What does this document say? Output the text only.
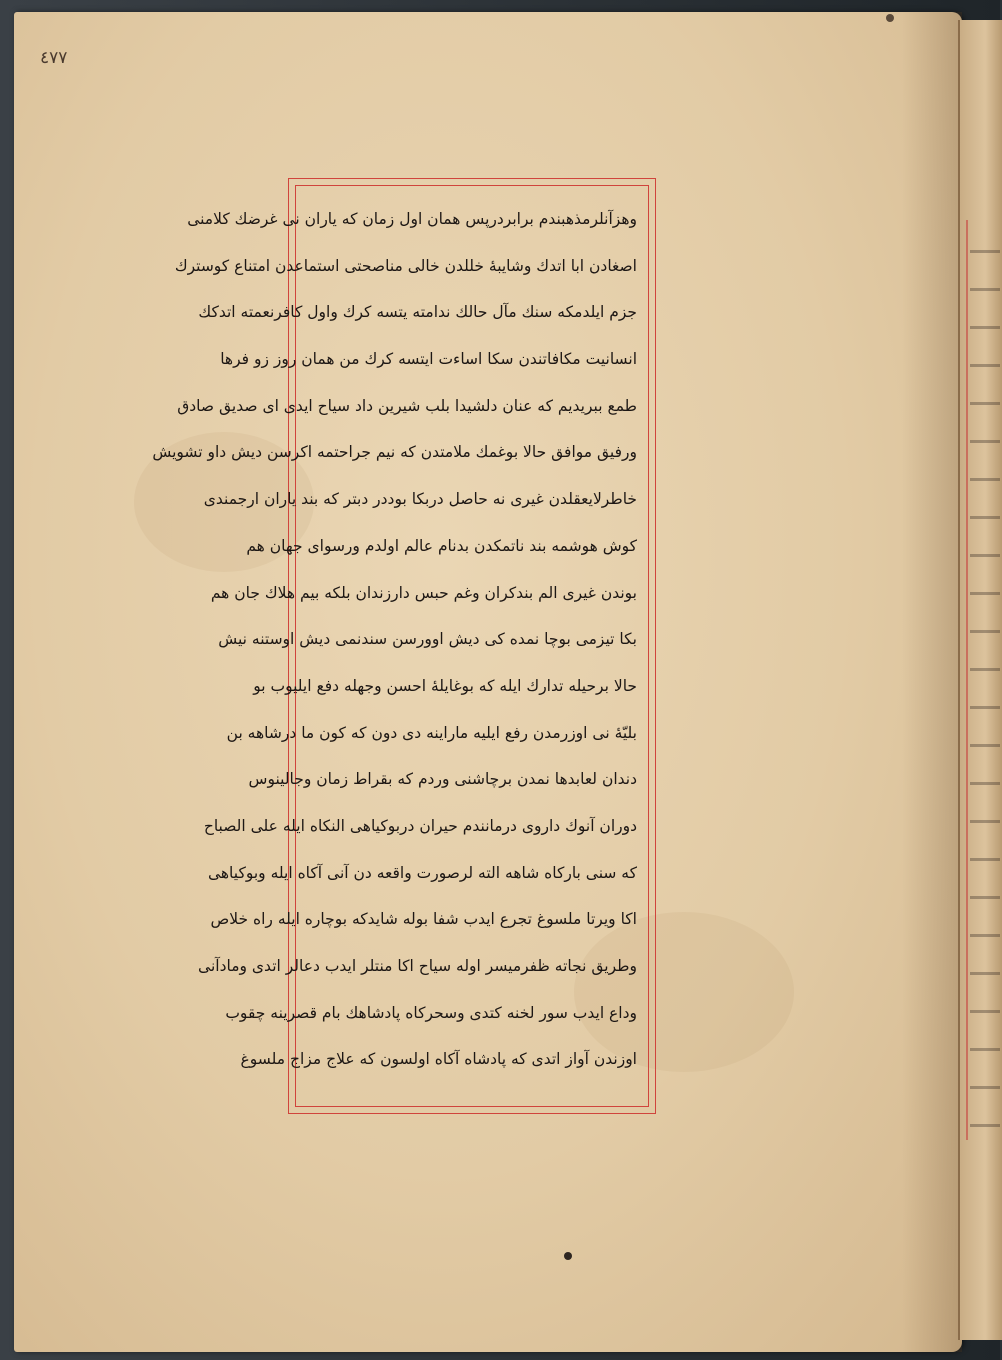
٤٧٧
وهزآنلرمذهبندم برابردرپس همان اول زمان که یاران نی غرضك كلامنی
اصغادن ابا اتدك وشایبهٔ خللدن خالی مناصحتی استماعدن امتناع کوسترك
جزم ایلدمکه سنك مآل حالك ندامته یتسه کرك واول کافرنعمته اتدکك
انسانیت مکافاتندن سکا اساءت ایتسه کرك من همان روز زو فرها
طمع ببریدیم که عنان دلشیدا بلب شیرین داد سیاح ایدی ای صدیق صادق
ورفیق موافق حالا بوغمك ملامتدن که نیم جراحتمه اکرسن دیش داو تشویش
خاطرلایعقلدن غیری نه حاصل دربکا بوددر دبتر که بند یاران ارجمندی
کوش هوشمه بند ناتمکدن بدنام عالم اولدم ورسوای جهان هم
بوندن غیری الم بندکران وغم حبس دارزندان بلکه بیم هلاك جان هم
بکا تیزمی بوچا نمده کی دیش اوورسن سندنمی دیش اوستنه نیش
حالا برحیله تدارك ایله که بوغایلهٔ احسن وجهله دفع ایلیوب بو
بلیّهٔ نی اوزرمدن رفع ایلیه ماراینه دی دون که کون ما درشاهه بن
دندان لعابدها نمدن برچاشنی وردم که بقراط زمان وجالینوس
دوران آنوك داروی درمانندم حیران دربوکیاهی النکاه ایله علی الصباح
که سنی بارکاه شاهه الته لرصورت واقعه دن آنی آکاه ایله وبوکیاهی
اکا ویرتا ملسوغ تجرع ایدب شفا بوله شایدکه بوچاره ایله راه خلاص
وطریق نجاته ظفرمیسر اوله سیاح اکا منتلر ایدب دعالر اتدی ومادآنی
وداع ایدب سور لخنه کتدی وسحرکاه پادشاهك بام قصرینه چقوب
اوزندن آواز اتدی که پادشاه آکاه اولسون که علاج مزاج ملسوغ
